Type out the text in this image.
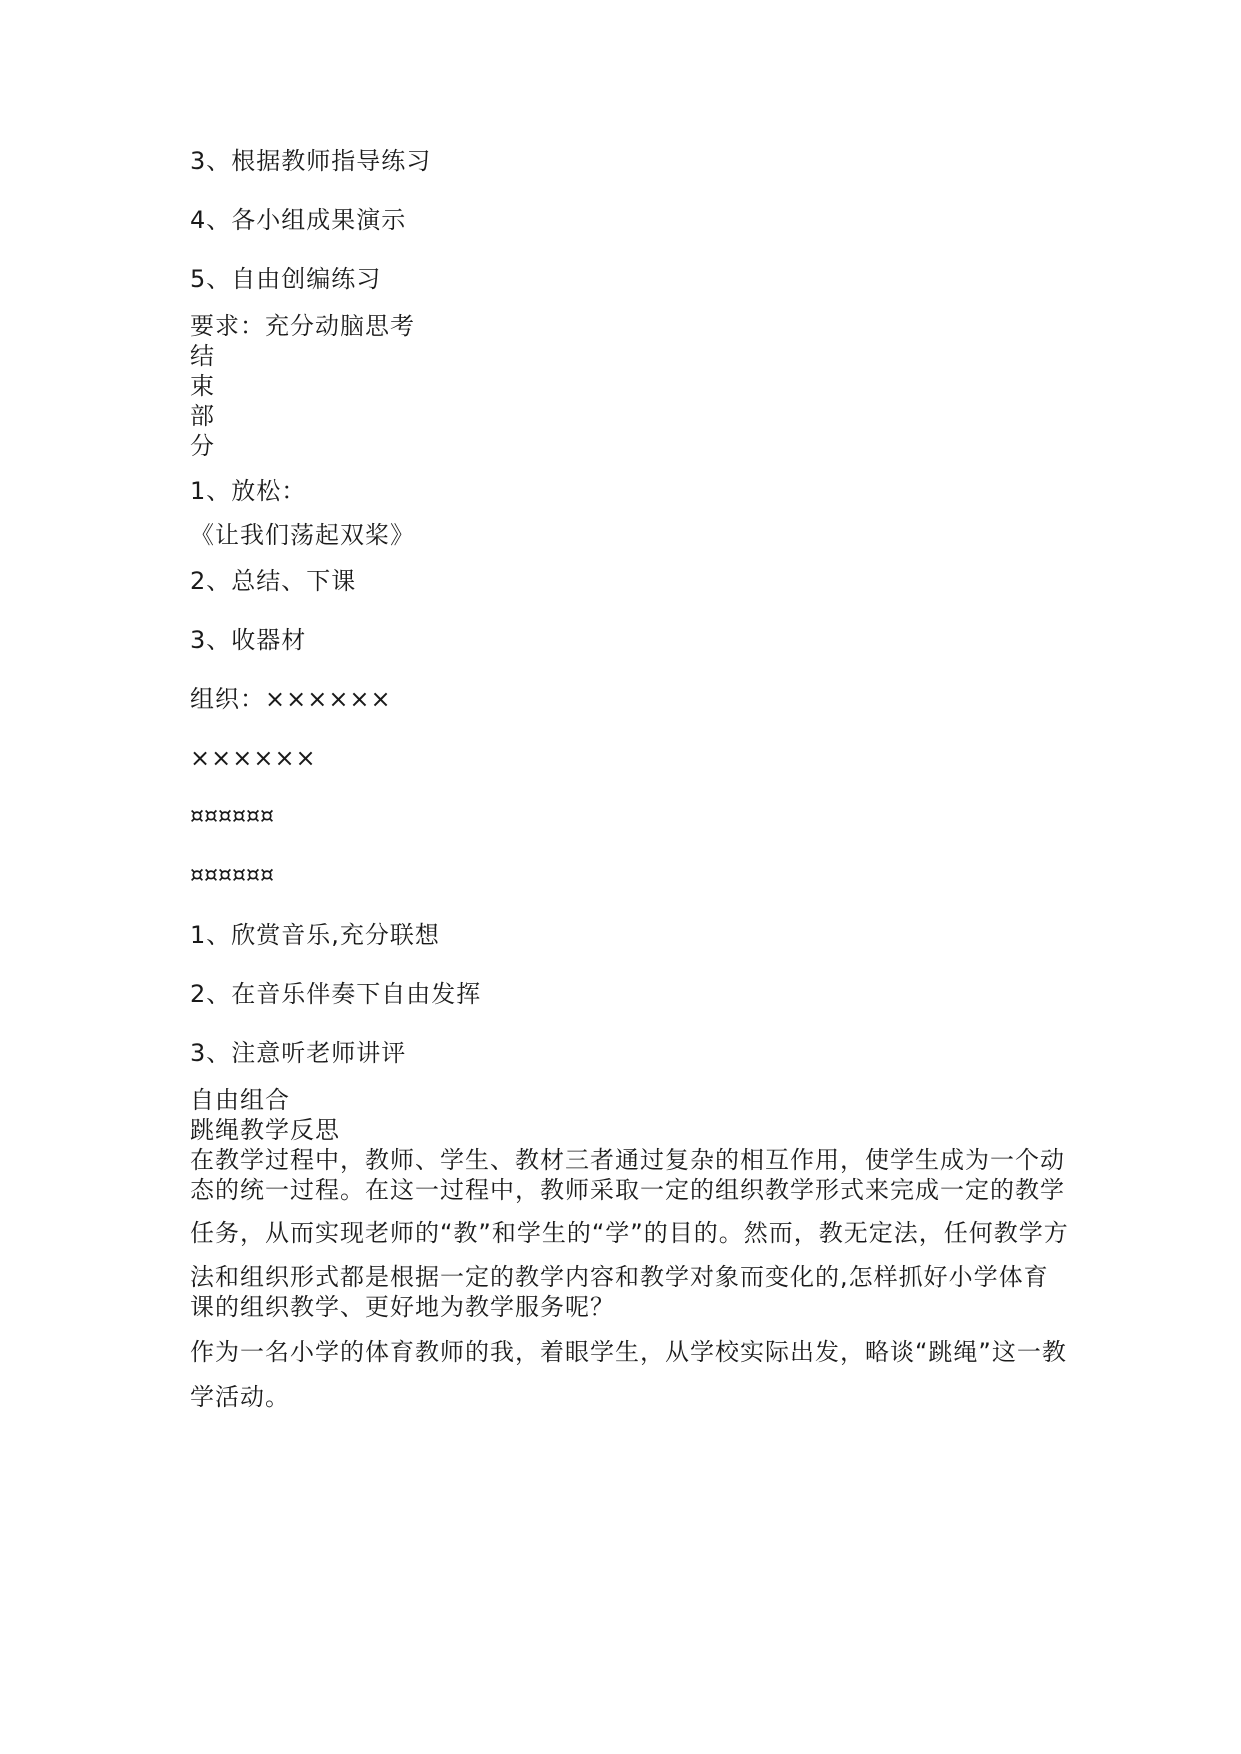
3、根据教师指导练习
4、各小组成果演示
5、自由创编练习
要求：充分动脑思考
结
束
部
分
1、放松：
《让我们荡起双桨》
2、总结、下课
3、收器材
组织：××××××
××××××
¤¤¤¤¤¤
¤¤¤¤¤¤
1、欣赏音乐,充分联想
2、在音乐伴奏下自由发挥
3、注意听老师讲评
自由组合
跳绳教学反思
在教学过程中，教师、学生、教材三者通过复杂的相互作用，使学生成为一个动
态的统一过程。在这一过程中，教师采取一定的组织教学形式来完成一定的教学
任务，从而实现老师的“教”和学生的“学”的目的。然而，教无定法，任何教学方
法和组织形式都是根据一定的教学内容和教学对象而变化的,怎样抓好小学体育
课的组织教学、更好地为教学服务呢？
作为一名小学的体育教师的我，着眼学生，从学校实际出发，略谈“跳绳”这一教
学活动。
